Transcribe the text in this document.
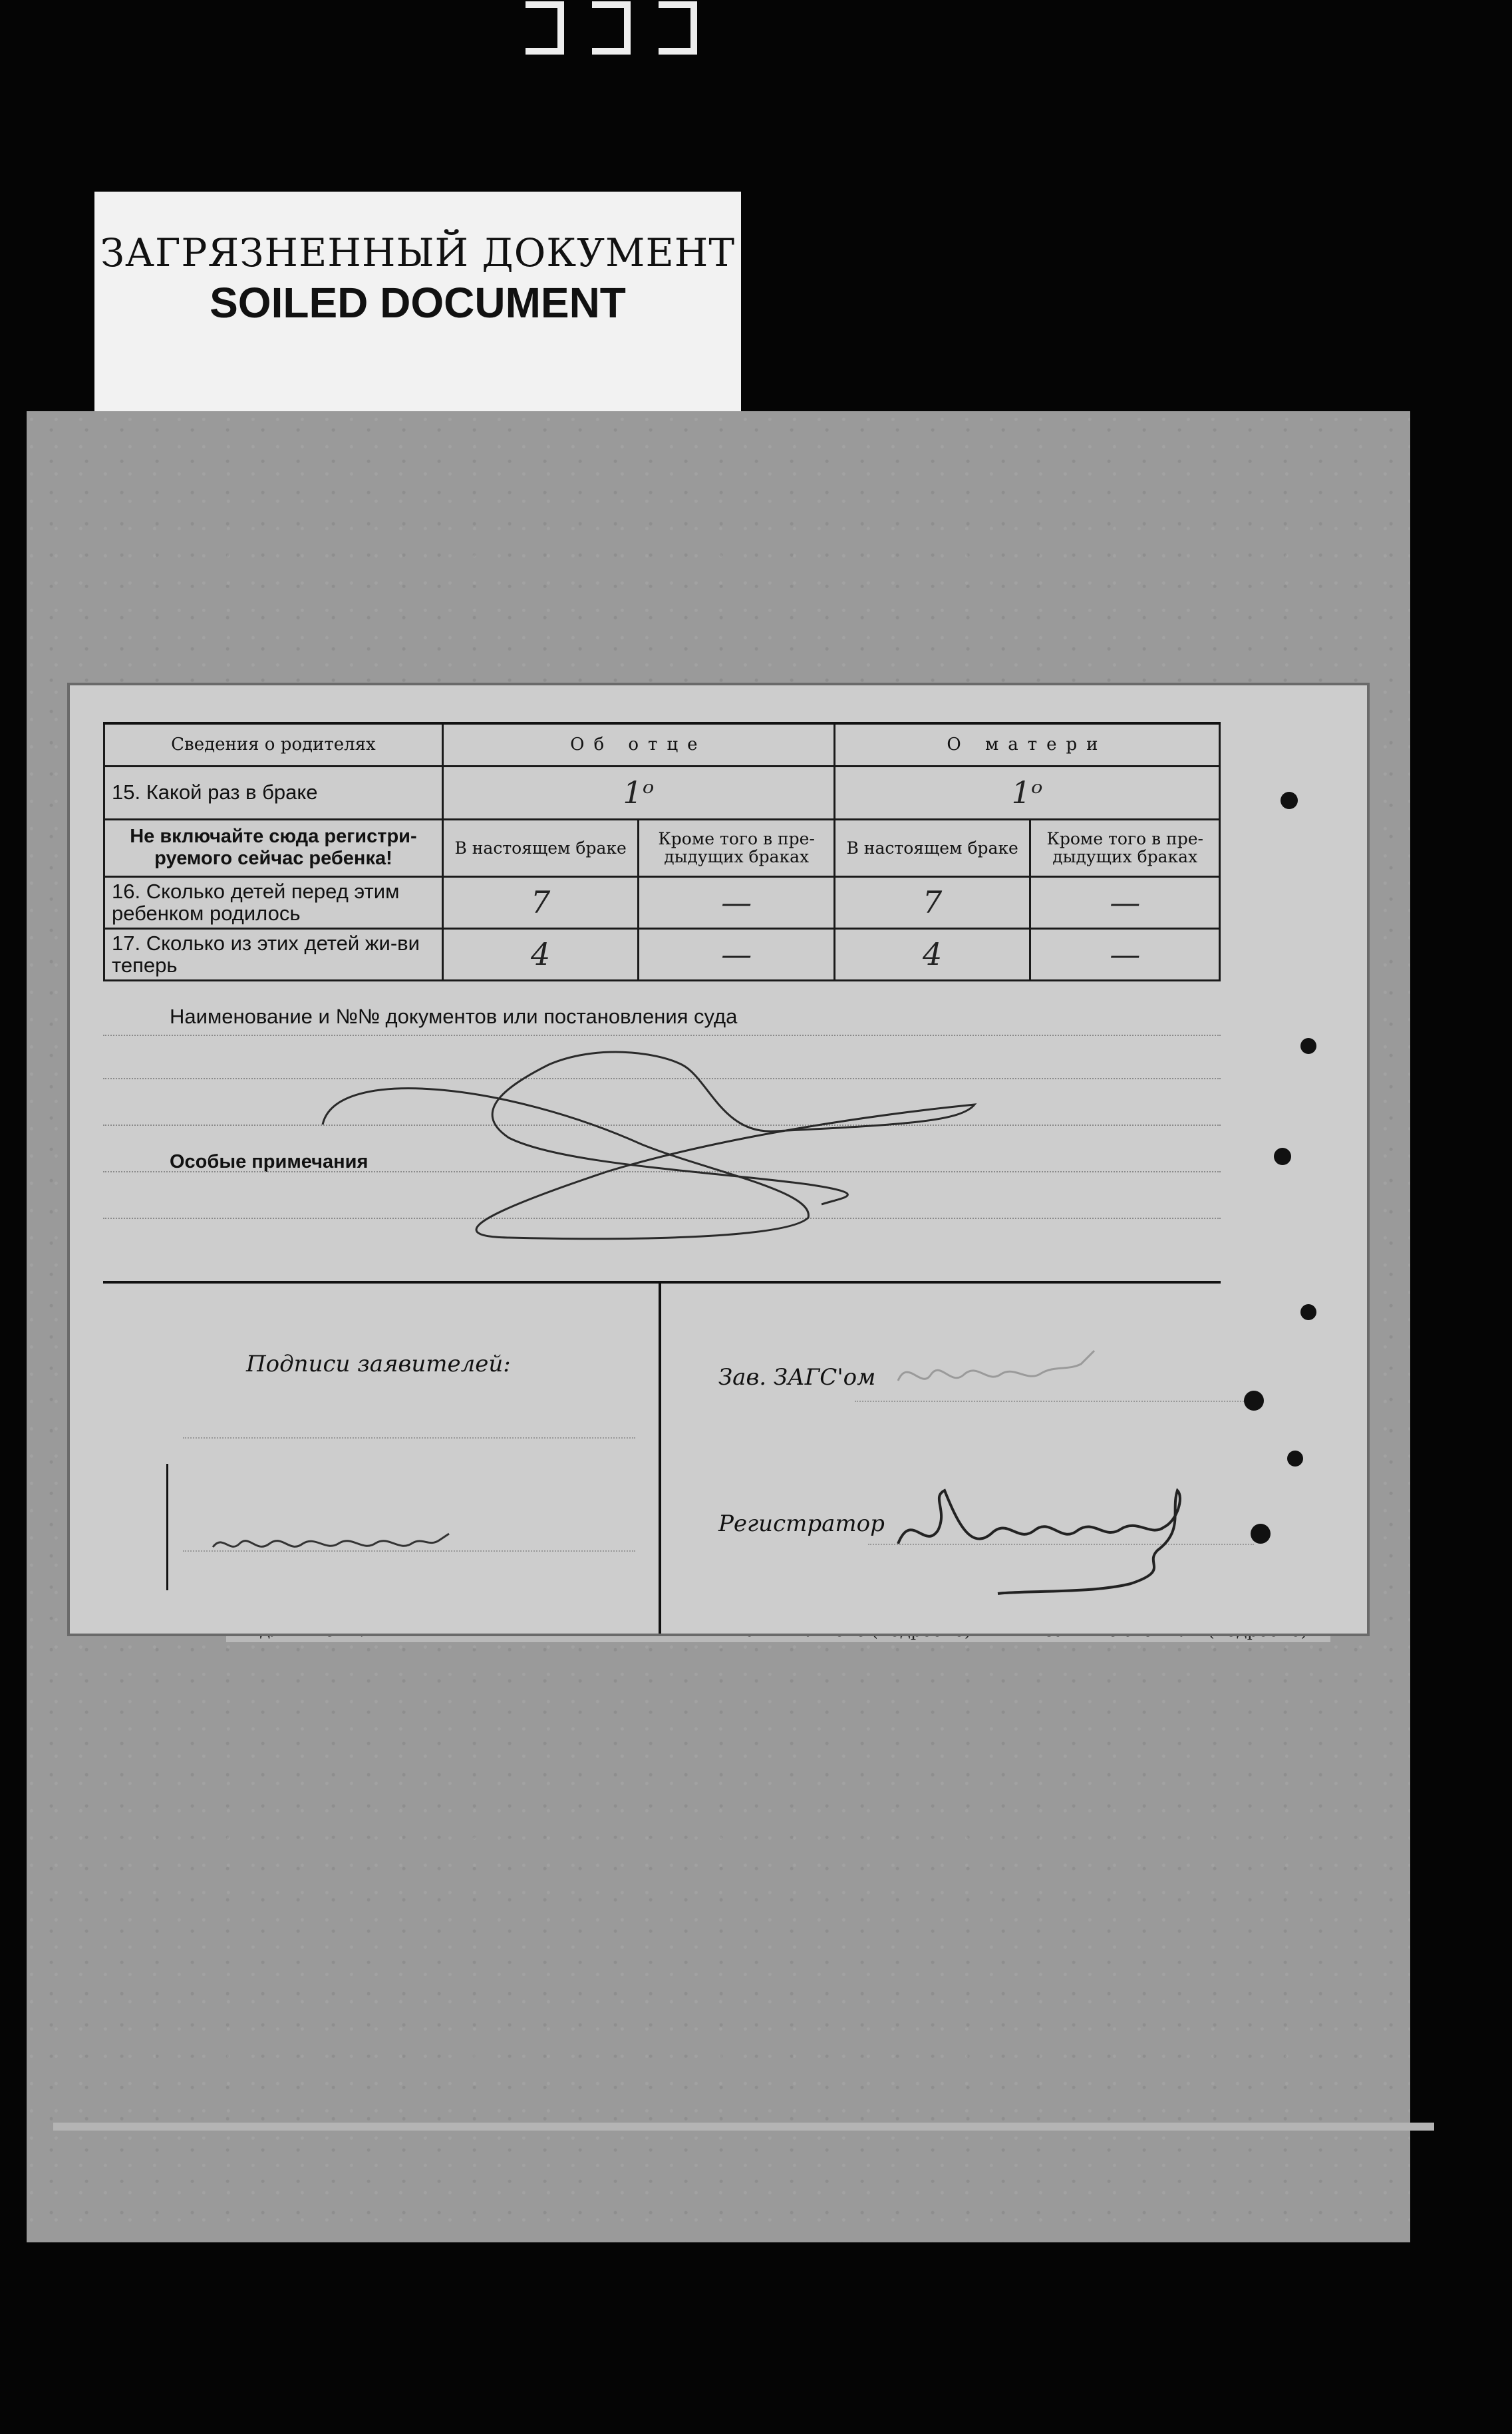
ЗАГРЯЗНЕННЫЙ ДОКУМЕНТ
SOILED DOCUMENT
Сведения о родителях	Об отце		О матери	
15. Какой раз в браке	1ᵒ		1ᵒ	
Не включайте сюда регистри-руемого сейчас ребенка!	В настоящем браке	Кроме того в пре-дыдущих браках	В настоящем браке	Кроме того в пре-дыдущих браках
16. Сколько детей перед этим ребенком родилось	7	—	7	—
17. Сколько из этих детей жи-ви теперь	4	—	4	—
Наименование и №№ документов или постановления суда
Особые примечания
Подписи заявителей:	Зав. ЗАГС'ом
Регистратор
